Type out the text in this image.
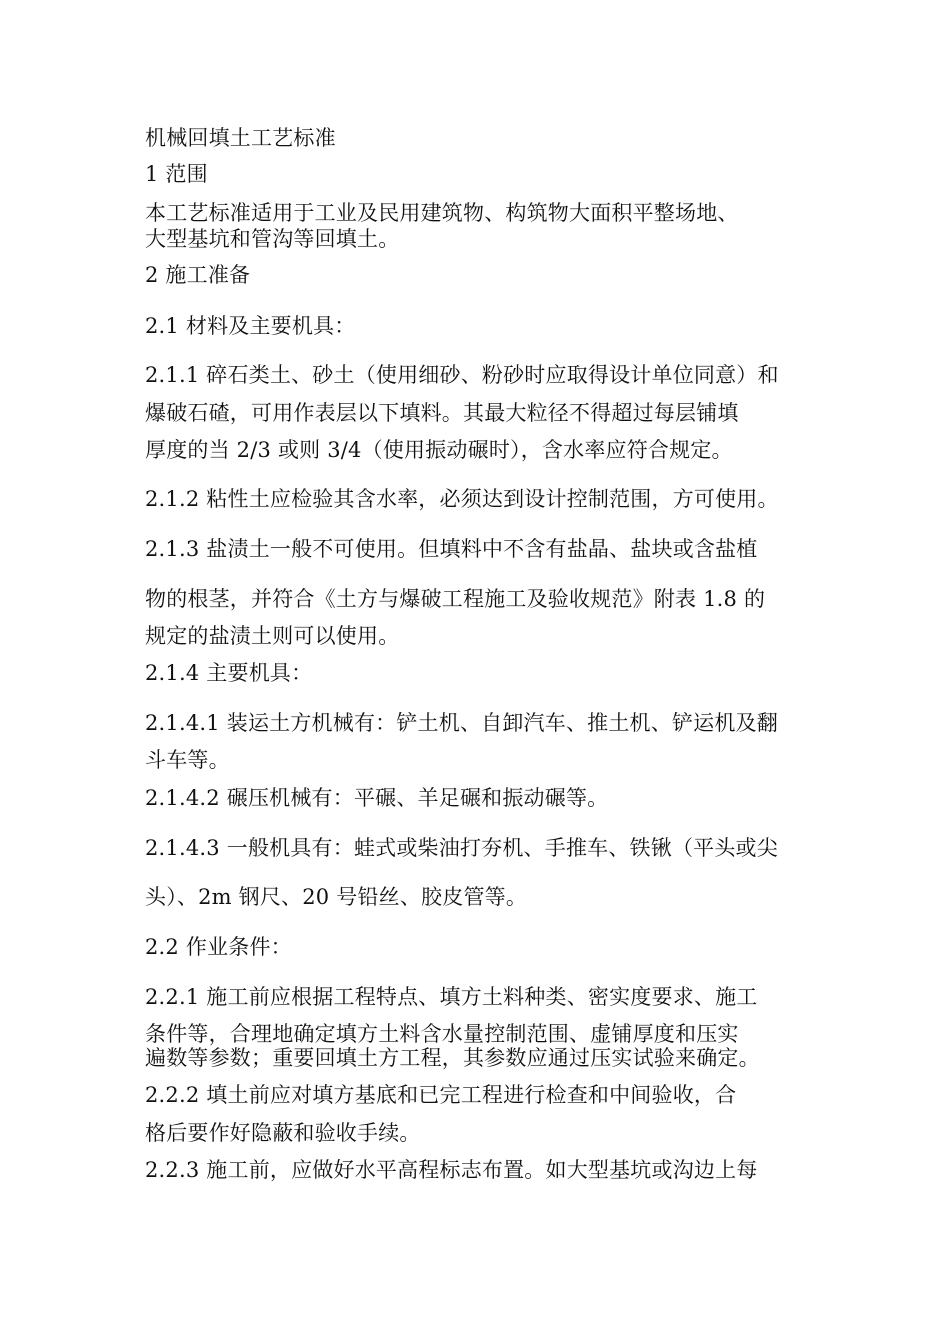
机械回填土工艺标准
1 范围
本工艺标准适用于工业及民用建筑物、构筑物大面积平整场地、
大型基坑和管沟等回填土。
2 施工准备
2.1 材料及主要机具：
2.1.1 碎石类土、砂土（使用细砂、粉砂时应取得设计单位同意）和
爆破石碴，可用作表层以下填料。其最大粒径不得超过每层铺填
厚度的当 2/3 或则 3/4（使用振动碾时），含水率应符合规定。
2.1.2 粘性土应检验其含水率，必须达到设计控制范围，方可使用。
2.1.3 盐渍土一般不可使用。但填料中不含有盐晶、盐块或含盐植
物的根茎，并符合《土方与爆破工程施工及验收规范》附表 1.8 的
规定的盐渍土则可以使用。
2.1.4 主要机具：
2.1.4.1 装运土方机械有：铲土机、自卸汽车、推土机、铲运机及翻
斗车等。
2.1.4.2 碾压机械有：平碾、羊足碾和振动碾等。
2.1.4.3 一般机具有：蛙式或柴油打夯机、手推车、铁锹（平头或尖
头）、2m 钢尺、20 号铅丝、胶皮管等。
2.2 作业条件：
2.2.1 施工前应根据工程特点、填方土料种类、密实度要求、施工
条件等，合理地确定填方土料含水量控制范围、虚铺厚度和压实
遍数等参数；重要回填土方工程，其参数应通过压实试验来确定。
2.2.2 填土前应对填方基底和已完工程进行检查和中间验收，合
格后要作好隐蔽和验收手续。
2.2.3 施工前，应做好水平高程标志布置。如大型基坑或沟边上每
